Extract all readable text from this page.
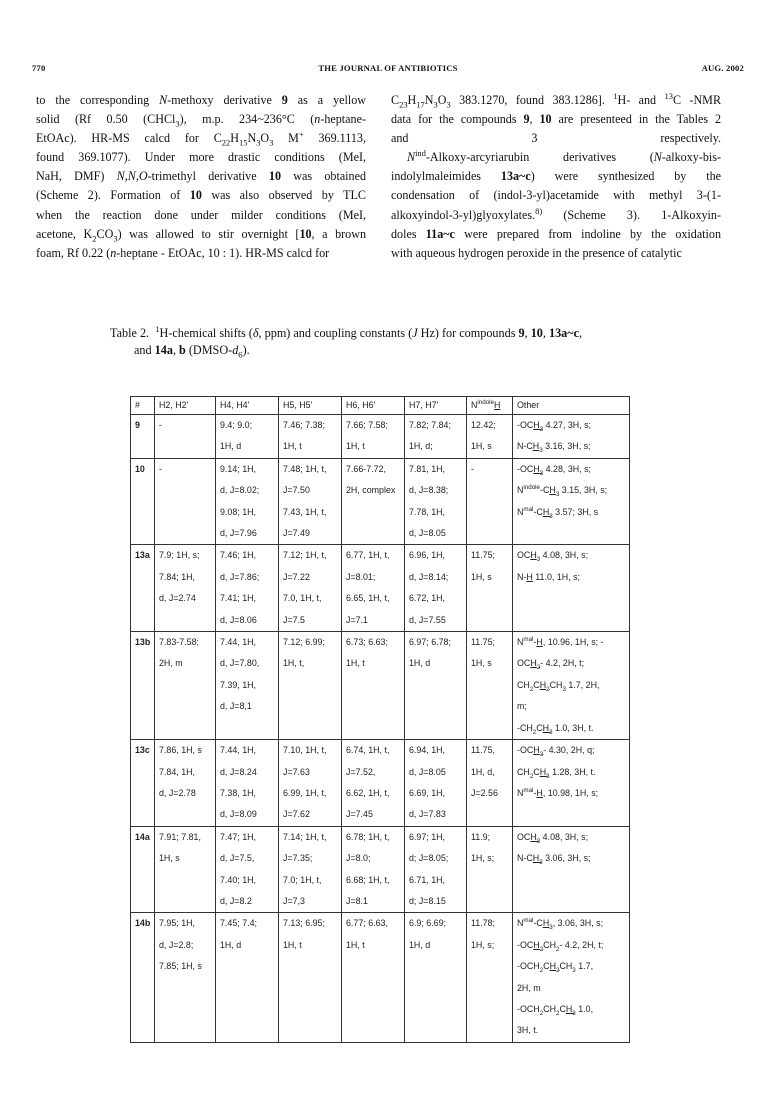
770	THE JOURNAL OF ANTIBIOTICS	AUG. 2002
to the corresponding N-methoxy derivative 9 as a yellow
solid (Rf 0.50 (CHCl$_3$), m.p. 234~236°C (n-heptane-
EtOAc). HR-MS calcd for $C_{22}H_{15}N_3O_3$ M+ 369.1113,
found 369.1077). Under more drastic conditions (MeI,
NaH, DMF) N,N,O-trimethyl derivative 10 was obtained
(Scheme 2). Formation of 10 was also observed by TLC
when the reaction done under milder conditions (MeI,
acetone, $K_2CO_3$) was allowed to stir overnight [10, a brown
foam, Rf 0.22 (n-heptane - EtOAc, 10 : 1). HR-MS calcd for
$C_{23}H_{17}N_3O_3$ 383.1270, found 383.1286]. $^1$H- and $^{13}$C -NMR
data for the compounds 9, 10 are presenteed in the Tables 2
and 3 respectively.
$N^{ind}-Alkoxy$-arcyriarubin derivatives (N-alkoxy-bis-
indolylmaleimides 13a~c) were synthesized by the
condensation of (indol-3-yl)acetamide with methyl 3-(1-
alkoxyindol-3-yl)glyoxylates.$^{8)}$ (Scheme 3). 1-Alkoxyin-
doles 11a~c were prepared from indoline by the oxidation
with aqueous hydrogen peroxide in the presence of catalytic
Table 2.  $^1$H-chemical shifts (δ, ppm) and coupling constants (J Hz) for compounds 9, 10, 13a~c,

and 14a, b $(DMSO-d_6)$.
#	H2, H2'	H4, H4'	H5, H5'	H6, H6'	H7, H7'	$N^{indole}H$	Other
9	-	9.4; 9.0;	7.46; 7.38;	7.66; 7.58;	7.82; 7.84;	12.42;	$-OCH_3$ 4.27, 3H, s;
		1H, d	1H, t	1H, t	1H, d;	1H, s	$N-CH_3$ 3.16, 3H, s;
10	-	9.14; 1H,	7.48; 1H, t,	7.66-7.72,	7.81, 1H,	-	$-OCH_3$ 4.28, 3H, s;
		d, J=8.02;	J=7.50	2H, complex	d, J=8.38;		$N^{indole}-CH_3$ 3.15, 3H, s;
		9.08; 1H,	7.43, 1H, t,		7.78, 1H,		$N^{mal}-CH_3$ 3.57; 3H, s
		d, J=7.96	J=7.49		d, J=8.05		
13a	7.9; 1H, s;	7.46; 1H,	7.12; 1H, t,	6.77, 1H, t,	6.96, 1H,	11.75;	$OCH_3$ 4.08, 3H, s;
	7.84; 1H,	d, J=7.86;	J=7.22	J=8.01;	d, J=8.14;	1H, s	N-H 11.0, 1H, s;
	d, J=2.74	7.41; 1H,	7.0, 1H, t,	6.65, 1H, t,	6.72, 1H,		
		d, J=8.06	J=7.5	J=7.1	d, J=7.55		
13b	7.83-7.58;	7.44, 1H,	7.12; 6.99;	6.73; 6.63;	6.97; 6.78;	11.75;	$N^{mal}-H$, 10.96, 1H, s; -
	2H, m	d, J=7.80,	1H, t,	1H, t	1H, d	1H, s	$OCH_2-$ 4.2, 2H, t;
		7.39, 1H,					$CH_2CH_2CH_3$ 1.7, 2H,
		d, J=8,1					m;
							$-CH_2CH_3$ 1.0, 3H, t.
13c	7.86, 1H, s	7.44, 1H,	7.10, 1H, t,	6.74, 1H, t,	6.94, 1H,	11.75,	$-OCH_2-$ 4.30, 2H, q;
	7.84, 1H,	d, J=8.24	J=7.63	J=7.52,	d, J=8.05	1H, d,	$CH_2CH_3$ 1.28, 3H, t.
	d, J=2.78	7.38, 1H,	6.99, 1H, t,	6.62, 1H, t,	6.69, 1H,	J=2.56	$N^{mal}-H$, 10.98, 1H, s;
		d, J=8.09	J=7.62	J=7.45	d, J=7.83		
14a	7.91; 7.81,	7.47; 1H,	7.14; 1H, t,	6.78; 1H, t,	6.97; 1H,	11.9;	$OCH_3$ 4.08, 3H, s;
	1H, s	d, J=7.5,	J=7.35;	J=8.0;	d; J=8.05;	1H, s;	$N-CH_3$ 3.06, 3H, s;
		7.40; 1H,	7.0; 1H, t,	6.68; 1H, t,	6.71, 1H,		
		d, J=8.2	J=7,3	J=8.1	d; J=8.15		
14b	7.95; 1H,	7.45; 7.4;	7.13; 6.95;	6.77; 6.63,	6.9; 6.69;	11.78;	$N^{mal}-CH_3$, 3.06, 3H, s;
	d, J=2.8;	1H, d	1H, t	1H, t	1H, d	1H, s;	$-OCH_2CH_2-$ 4.2, 2H, t;
	7.85; 1H, s						$-OCH_2CH_2CH_3$ 1.7,
							2H, m
							$-OCH_2CH_2CH_3$ 1.0,
							3H, t.
